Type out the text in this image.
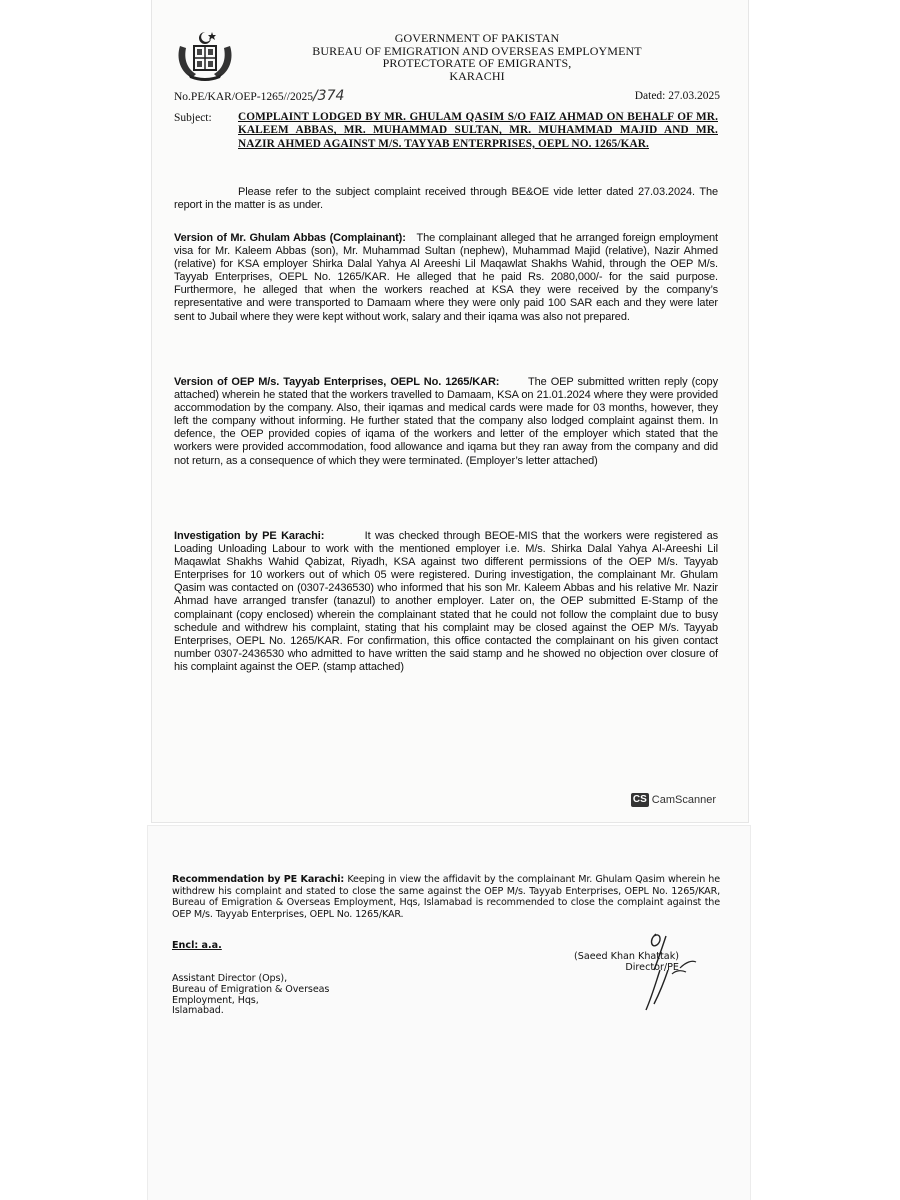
GOVERNMENT OF PAKISTAN
BUREAU OF EMIGRATION AND OVERSEAS EMPLOYMENT
PROTECTORATE OF EMIGRANTS,
KARACHI
No.PE/KAR/OEP-1265//2025/374	Dated: 27.03.2025
Subject: COMPLAINT LODGED BY MR. GHULAM QASIM S/O FAIZ AHMAD ON BEHALF OF MR. KALEEM ABBAS, MR. MUHAMMAD SULTAN, MR. MUHAMMAD MAJID AND MR. NAZIR AHMED AGAINST M/S. TAYYAB ENTERPRISES, OEPL NO. 1265/KAR.
Please refer to the subject complaint received through BE&OE vide letter dated 27.03.2024. The report in the matter is as under.
Version of Mr. Ghulam Abbas (Complainant): The complainant alleged that he arranged foreign employment visa for Mr. Kaleem Abbas (son), Mr. Muhammad Sultan (nephew), Muhammad Majid (relative), Nazir Ahmed (relative) for KSA employer Shirka Dalal Yahya Al Areeshi Lil Maqawlat Shakhs Wahid, through the OEP M/s. Tayyab Enterprises, OEPL No. 1265/KAR. He alleged that he paid Rs. 2080,000/- for the said purpose. Furthermore, he alleged that when the workers reached at KSA they were received by the company’s representative and were transported to Damaam where they were only paid 100 SAR each and they were later sent to Jubail where they were kept without work, salary and their iqama was also not prepared.
Version of OEP M/s. Tayyab Enterprises, OEPL No. 1265/KAR:	The OEP submitted written reply (copy attached) wherein he stated that the workers travelled to Damaam, KSA on 21.01.2024 where they were provided accommodation by the company. Also, their iqamas and medical cards were made for 03 months, however, they left the company without informing. He further stated that the company also lodged complaint against them. In defence, the OEP provided copies of iqama of the workers and letter of the employer which stated that the workers were provided accommodation, food allowance and iqama but they ran away from the company and did not return, as a consequence of which they were terminated. (Employer’s letter attached)
Investigation by PE Karachi:	It was checked through BEOE-MIS that the workers were registered as Loading Unloading Labour to work with the mentioned employer i.e. M/s. Shirka Dalal Yahya Al-Areeshi Lil Maqawlat Shakhs Wahid Qabizat, Riyadh, KSA against two different permissions of the OEP M/s. Tayyab Enterprises for 10 workers out of which 05 were registered. During investigation, the complainant Mr. Ghulam Qasim was contacted on (0307-2436530) who informed that his son Mr. Kaleem Abbas and his relative Mr. Nazir Ahmad have arranged transfer (tanazul) to another employer. Later on, the OEP submitted E-Stamp of the complainant (copy enclosed) wherein the complainant stated that he could not follow the complaint due to busy schedule and withdrew his complaint, stating that his complaint may be closed against the OEP M/s. Tayyab Enterprises, OEPL No. 1265/KAR. For confirmation, this office contacted the complainant on his given contact number 0307-2436530 who admitted to have written the said stamp and he showed no objection over closure of his complaint against the OEP. (stamp attached)
CS CamScanner
Recommendation by PE Karachi: Keeping in view the affidavit by the complainant Mr. Ghulam Qasim wherein he withdrew his complaint and stated to close the same against the OEP M/s. Tayyab Enterprises, OEPL No. 1265/KAR, Bureau of Emigration & Overseas Employment, Hqs, Islamabad is recommended to close the complaint against the OEP M/s. Tayyab Enterprises, OEPL No. 1265/KAR.
Encl: a.a.
(Saeed Khan Khattak)
Director/PE
Assistant Director (Ops),
Bureau of Emigration & Overseas
Employment, Hqs,
Islamabad.
